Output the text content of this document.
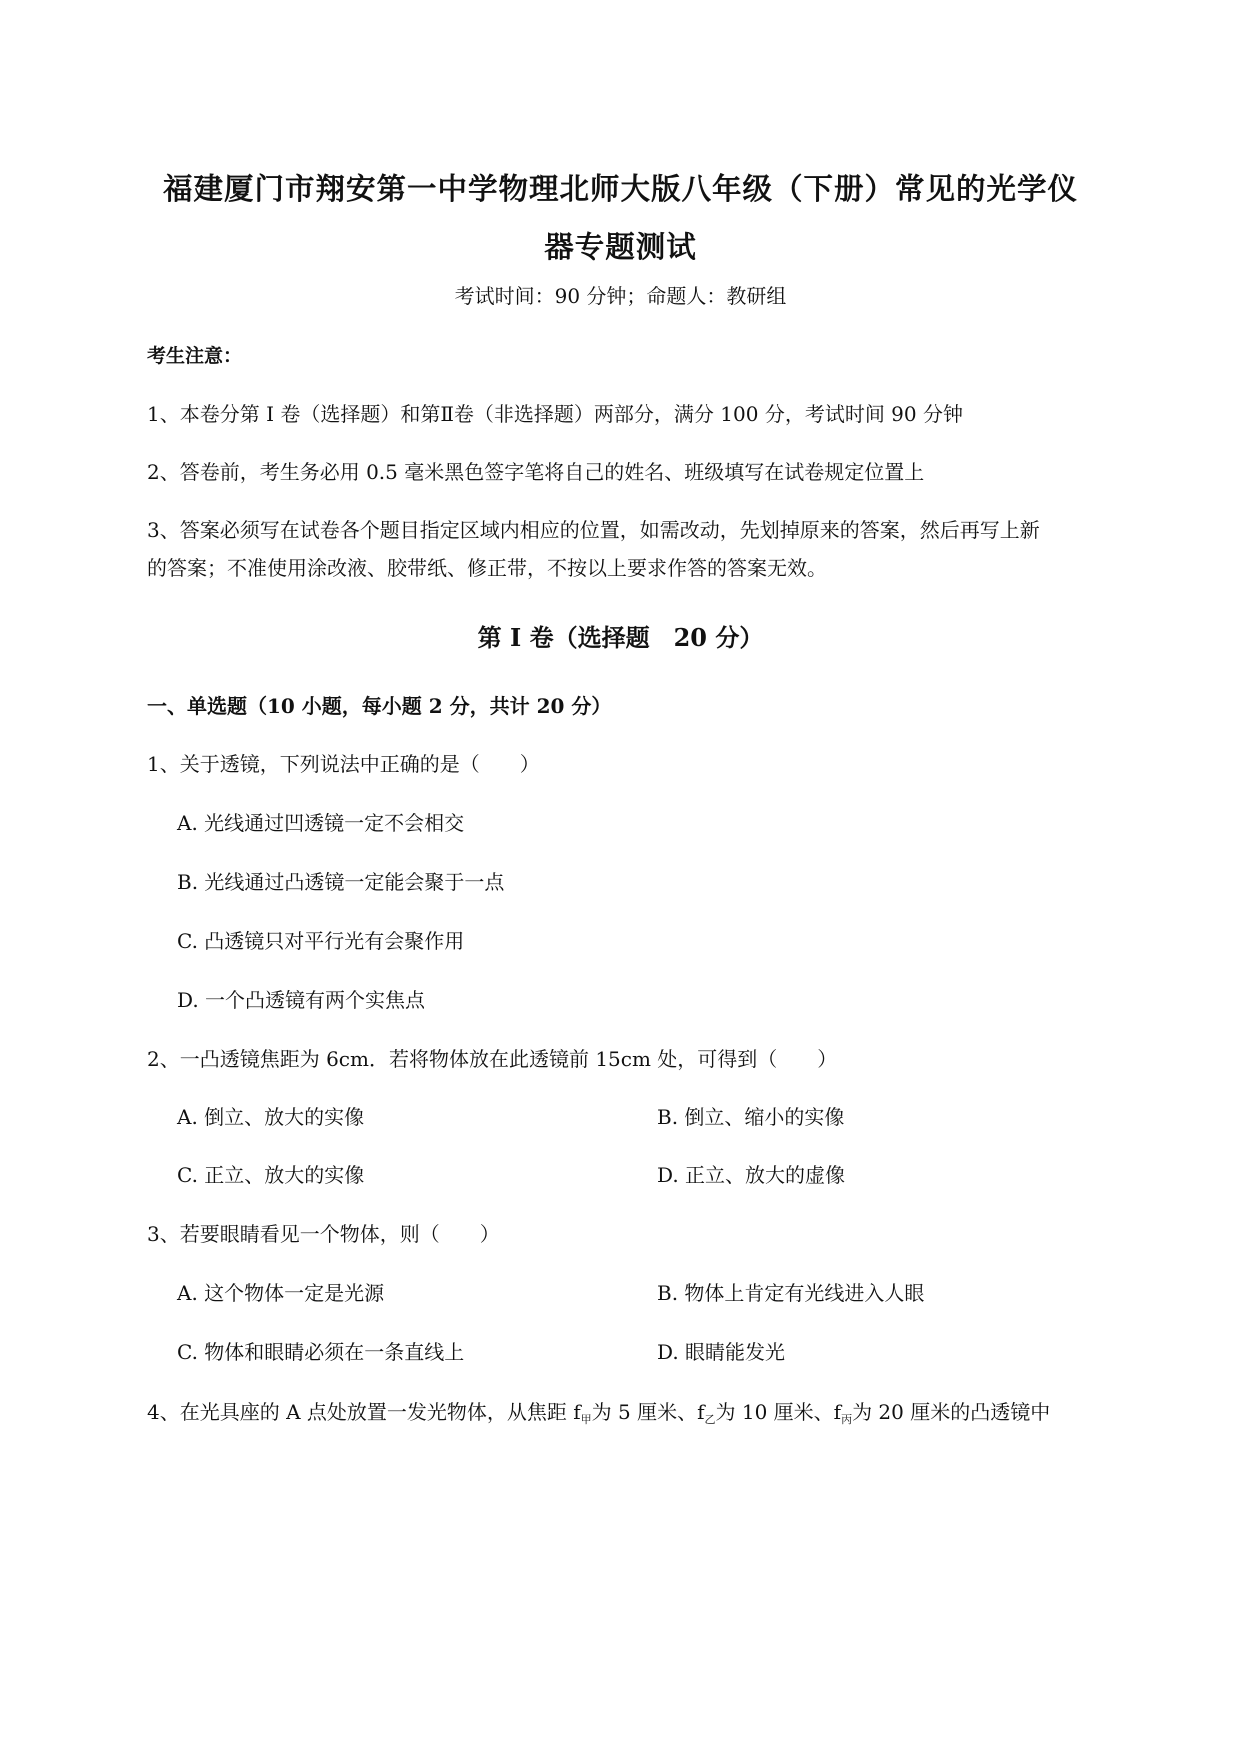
福建厦门市翔安第一中学物理北师大版八年级（下册）常见的光学仪
器专题测试
考试时间：90 分钟；命题人：教研组
考生注意：
1、本卷分第 I 卷（选择题）和第Ⅱ卷（非选择题）两部分，满分 100 分，考试时间 90 分钟
2、答卷前，考生务必用 0.5 毫米黑色签字笔将自己的姓名、班级填写在试卷规定位置上
3、答案必须写在试卷各个题目指定区域内相应的位置，如需改动，先划掉原来的答案，然后再写上新
的答案；不准使用涂改液、胶带纸、修正带，不按以上要求作答的答案无效。
第 I 卷（选择题　20 分）
一、单选题（10 小题，每小题 2 分，共计 20 分）
1、关于透镜，下列说法中正确的是（　　）
A. 光线通过凹透镜一定不会相交
B. 光线通过凸透镜一定能会聚于一点
C. 凸透镜只对平行光有会聚作用
D. 一个凸透镜有两个实焦点
2、一凸透镜焦距为 6cm．若将物体放在此透镜前 15cm 处，可得到（　　）
A. 倒立、放大的实像	B. 倒立、缩小的实像
C. 正立、放大的实像	D. 正立、放大的虚像
3、若要眼睛看见一个物体，则（　　）
A. 这个物体一定是光源	B. 物体上肯定有光线进入人眼
C. 物体和眼睛必须在一条直线上	D. 眼睛能发光
4、在光具座的 A 点处放置一发光物体，从焦距 $f_甲$为 5 厘米、$f_乙$为 10 厘米、$f_丙$为 20 厘米的凸透镜中
